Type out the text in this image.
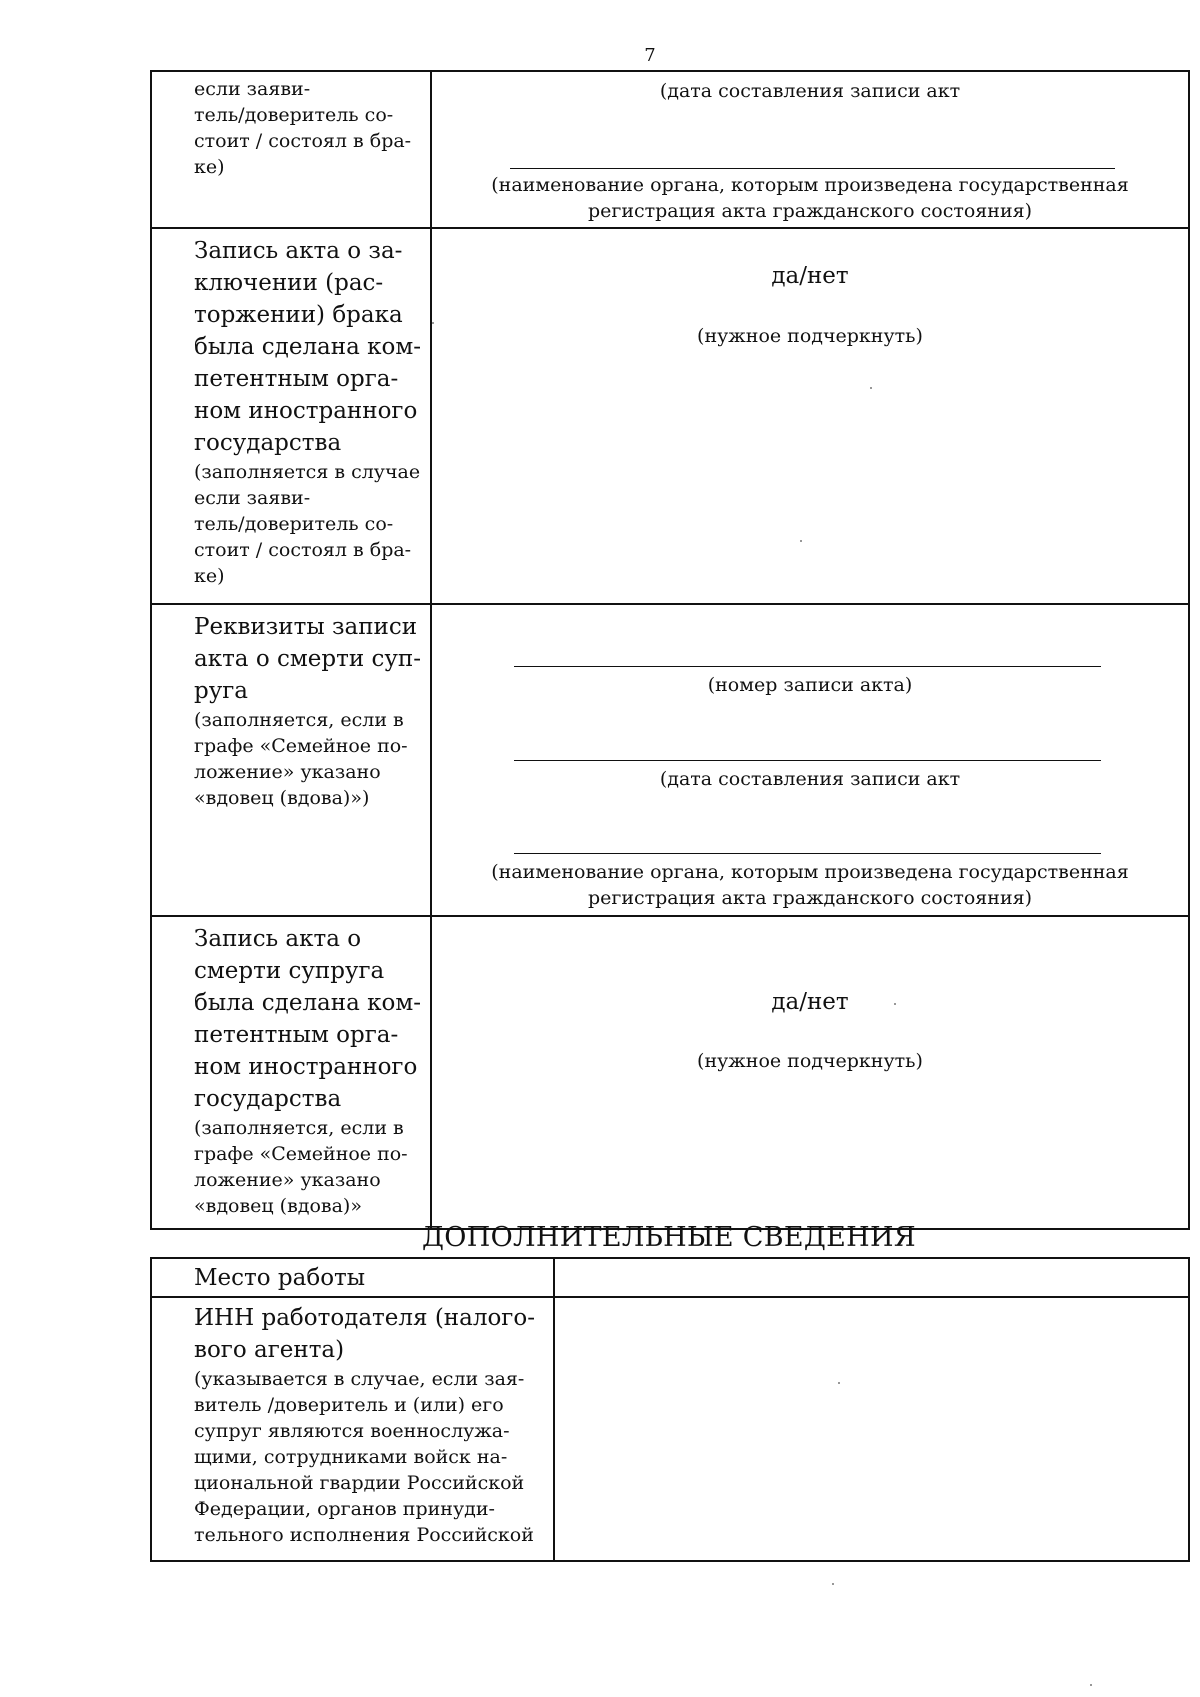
7
если заяви-
тель/доверитель со-
стоит / состоял в бра-
ке)
(дата составления записи акт
(наименование органа, которым произведена государственная
регистрация акта гражданского состояния)
Запись акта о за-
ключении (рас-
торжении) брака
была сделана ком-
петентным орга-
ном иностранного
государства
(заполняется в случае
если заяви-
тель/доверитель со-
стоит / состоял в бра-
ке)
да/нет
(нужное подчеркнуть)
Реквизиты записи
акта о смерти суп-
руга
(заполняется, если в
графе «Семейное по-
ложение» указано
«вдовец (вдова)»)
(номер записи акта)
(дата составления записи акт
(наименование органа, которым произведена государственная
регистрация акта гражданского состояния)
Запись акта о
смерти супруга
была сделана ком-
петентным орга-
ном иностранного
государства
(заполняется, если в
графе «Семейное по-
ложение» указано
«вдовец (вдова)»
да/нет
(нужное подчеркнуть)
ДОПОЛНИТЕЛЬНЫЕ СВЕДЕНИЯ
Место работы
ИНН работодателя (налого-
вого агента)
(указывается в случае, если зая-
витель /доверитель и (или) его
супруг являются военнослужа-
щими, сотрудниками войск на-
циональной гвардии Российской
Федерации, органов принуди-
тельного исполнения Российской
